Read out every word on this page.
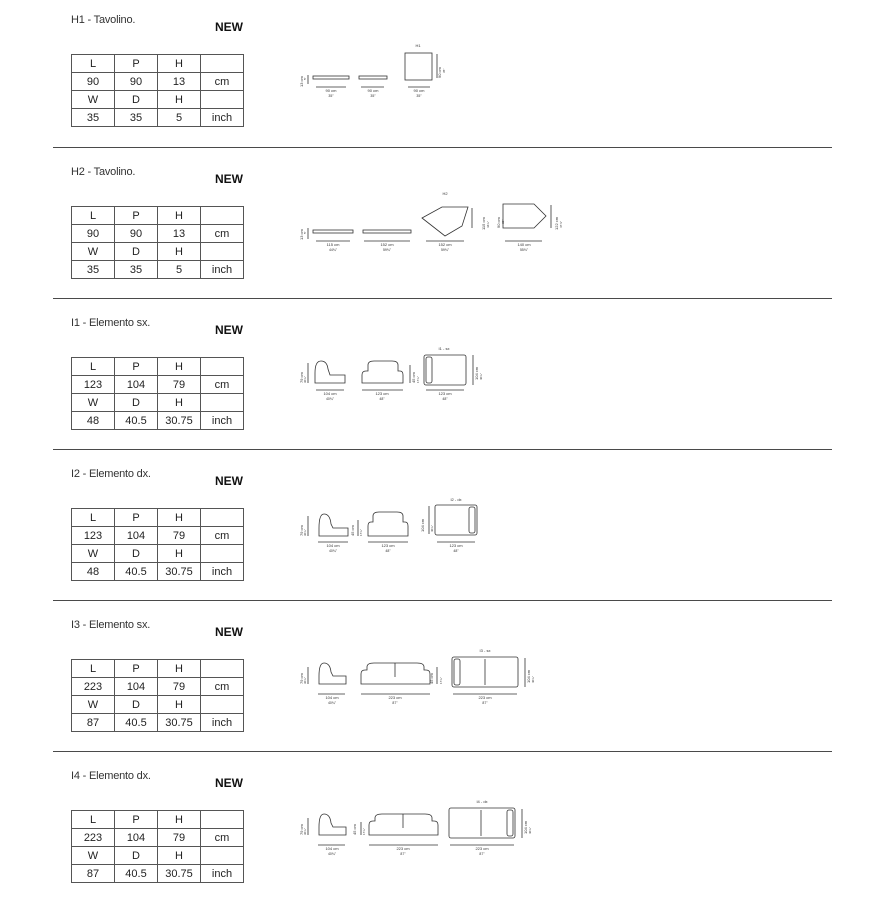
H1 - Tavolino.	NEW
L	P	H	
90	90	13	cm
W	D	H	
35	35	5	inch
13 cm 5"
90 cm
35"
90 cm
35"
90 cm
35"
H1
90 cm 35"
H2 - Tavolino.	NEW
L	P	H	
90	90	13	cm
W	D	H	
35	35	5	inch
13 cm 5"
115 cm
44¾"
152 cm
59¾"
152 cm
59¾"
140 cm
55⅛"
H2
115 cm 44¾" 90 cm 35"	122 cm 47⅞"
I1 - Elemento sx.	NEW
L	P	H	
123	104	79	cm
W	D	H	
48	40.5	30.75	inch
79 cm 30¾"
104 cm
40¾"
123 cm
48"
123 cm
48"
I1 - sx
45 cm 17¾"	104 cm 40¾"
I2 - Elemento dx.	NEW
L	P	H	
123	104	79	cm
W	D	H	
48	40.5	30.75	inch
79 cm 30¾"
104 cm
40¾"
123 cm
48"
123 cm
48"
I2 - dx
45 cm 17¾"
104 cm 40¾"
I3 - Elemento sx.	NEW
L	P	H	
223	104	79	cm
W	D	H	
87	40.5	30.75	inch
79 cm 30¾"
104 cm
40¾"
223 cm
87"
223 cm
87"
I3 - sx
45 cm 17¾"	104 cm 40¾"
I4 - Elemento dx.	NEW
L	P	H	
223	104	79	cm
W	D	H	
87	40.5	30.75	inch
79 cm 30¾"
104 cm
40¾"
223 cm
87"
223 cm
87"
I4 - dx
45 cm 17¾"	104 cm 40¾"
